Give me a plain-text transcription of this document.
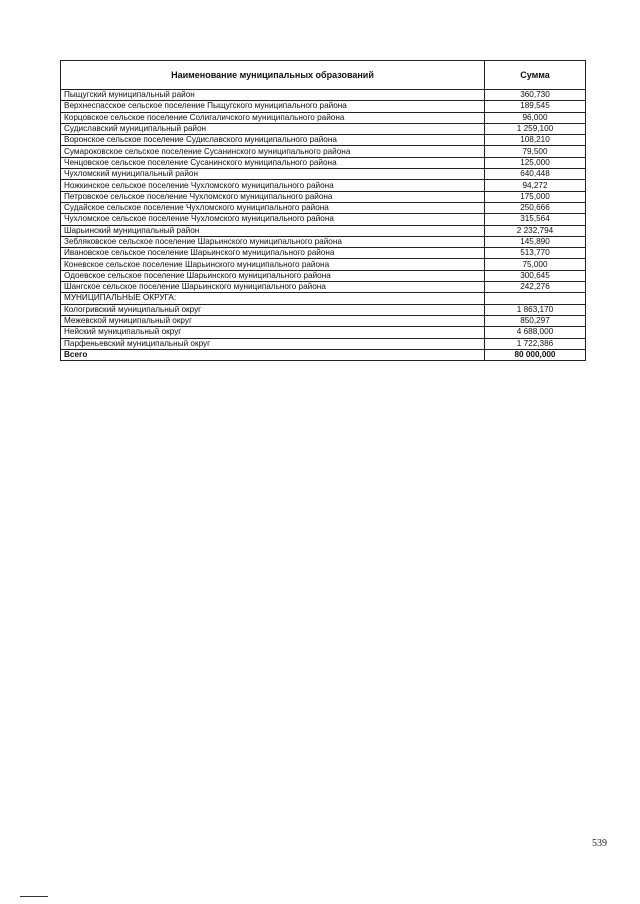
Наименование муниципальных образований	Сумма
Пыщугский муниципальный район	360,730
Верхнеспасское сельское поселение Пыщугского муниципального района	189,545
Корцовское сельское поселение Солигаличского муниципального района	96,000
Судиславский муниципальный район	1 259,100
Воронское сельское поселение Судиславского муниципального района	108,210
Сумароковское сельское поселение Сусанинского муниципального района	79,500
Ченцовское сельское поселение Сусанинского муниципального района	125,000
Чухломский муниципальный район	640,448
Ножкинское сельское поселение Чухломского муниципального района	94,272
Петровское сельское поселение Чухломского муниципального района	175,000
Судайское сельское поселение Чухломского муниципального района	250,666
Чухломское сельское поселение Чухломского муниципального района	315,564
Шарьинский муниципальный район	2 232,794
Зебляковское сельское поселение Шарьинского муниципального района	145,890
Ивановское сельское поселение Шарьинского муниципального района	513,770
Коневское сельское поселение Шарьинского муниципального района	75,000
Одоевское сельское поселение Шарьинского муниципального района	300,645
Шангское сельское поселение Шарьинского муниципального района	242,276
МУНИЦИПАЛЬНЫЕ ОКРУГА:	
Кологривский муниципальный округ	1 863,170
Межевской муниципальный округ	850,297
Нейский муниципальный округ	4 688,000
Парфеньевский муниципальный округ	1 722,386
Всего	80 000,000
539
